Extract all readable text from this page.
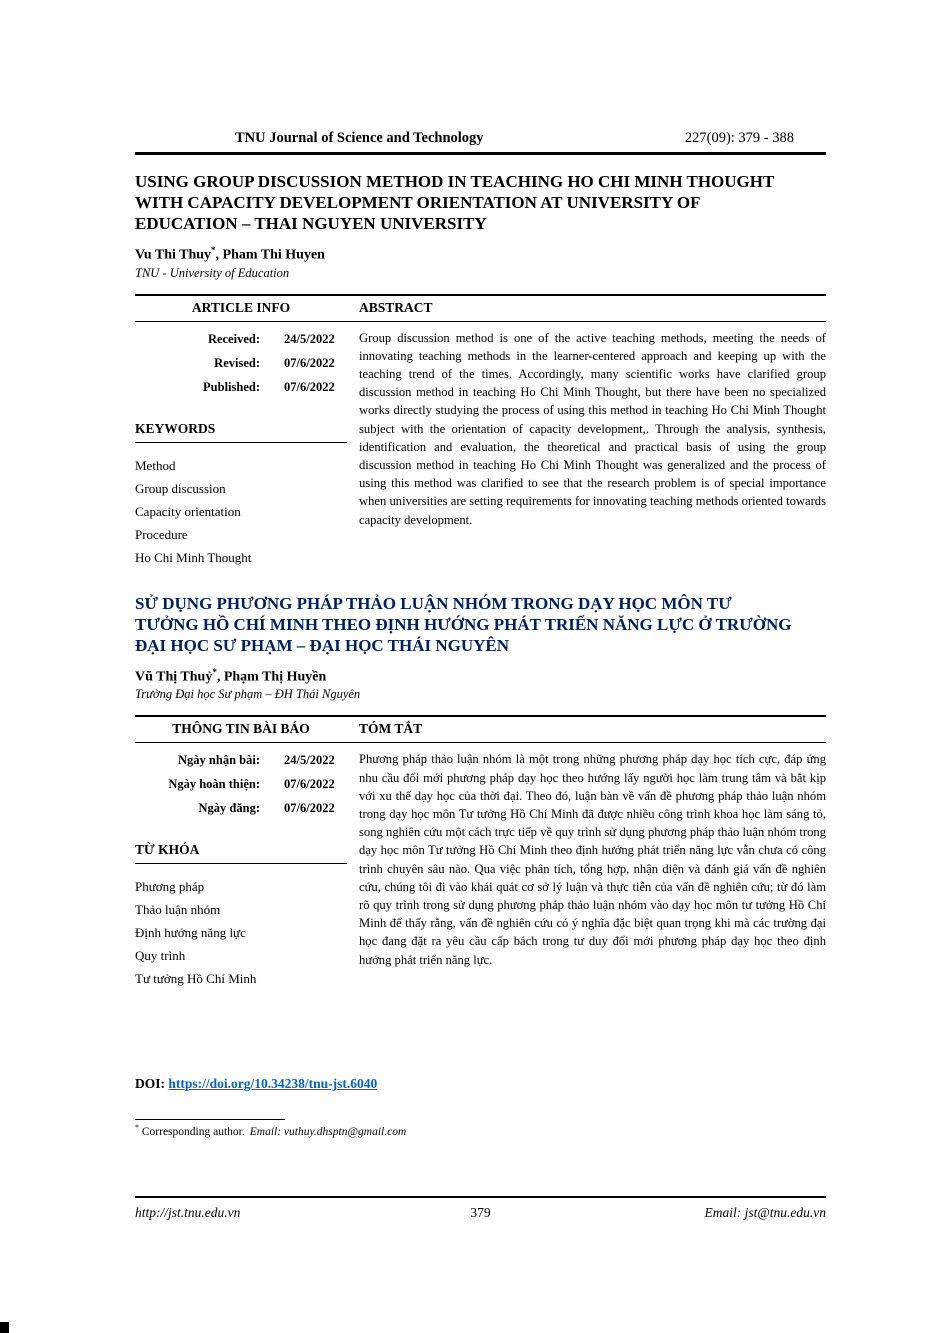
TNU Journal of Science and Technology	227(09): 379 - 388
USING GROUP DISCUSSION METHOD IN TEACHING HO CHI MINH THOUGHT WITH CAPACITY DEVELOPMENT ORIENTATION AT UNIVERSITY OF EDUCATION – THAI NGUYEN UNIVERSITY
Vu Thi Thuy*, Pham Thi Huyen
TNU - University of Education
ARTICLE INFO	ABSTRACT
Received: 24/5/2022
Revised: 07/6/2022
Published: 07/6/2022
KEYWORDS
Method
Group discussion
Capacity orientation
Procedure
Ho Chi Minh Thought

Group discussion method is one of the active teaching methods, meeting the needs of innovating teaching methods in the learner-centered approach and keeping up with the teaching trend of the times. Accordingly, many scientific works have clarified group discussion method in teaching Ho Chi Minh Thought, but there have been no specialized works directly studying the process of using this method in teaching Ho Chi Minh Thought subject with the orientation of capacity development,. Through the analysis, synthesis, identification and evaluation, the theoretical and practical basis of using the group discussion method in teaching Ho Chi Minh Thought was generalized and the process of using this method was clarified to see that the research problem is of special importance when universities are setting requirements for innovating teaching methods oriented towards capacity development.

SỬ DỤNG PHƯƠNG PHÁP THẢO LUẬN NHÓM TRONG DẠY HỌC MÔN TƯ TƯỞNG HỒ CHÍ MINH THEO ĐỊNH HƯỚNG PHÁT TRIỂN NĂNG LỰC Ở TRƯỜNG ĐẠI HỌC SƯ PHẠM – ĐẠI HỌC THÁI NGUYÊN
Vũ Thị Thuỷ*, Phạm Thị Huyền
Trường Đại học Sư phạm – ĐH Thái Nguyên
THÔNG TIN BÀI BÁO	TÓM TẮT
Ngày nhận bài: 24/5/2022
Ngày hoàn thiện: 07/6/2022
Ngày đăng: 07/6/2022
TỪ KHÓA
Phương pháp
Thảo luận nhóm
Định hướng năng lực
Quy trình
Tư tưởng Hồ Chí Minh

Phương pháp thảo luận nhóm là một trong những phương pháp dạy học tích cực, đáp ứng nhu cầu đổi mới phương pháp dạy học theo hướng lấy người học làm trung tâm và bắt kịp với xu thế dạy học của thời đại. Theo đó, luận bàn về vấn đề phương pháp thảo luận nhóm trong dạy học môn Tư tưởng Hồ Chí Minh đã được nhiều công trình khoa học làm sáng tỏ, song nghiên cứu một cách trực tiếp về quy trình sử dụng phương pháp thảo luận nhóm trong dạy học môn Tư tưởng Hồ Chí Minh theo định hướng phát triển năng lực vẫn chưa có công trình chuyên sâu nào. Qua việc phân tích, tổng hợp, nhận diện và đánh giá vấn đề nghiên cứu, chúng tôi đi vào khái quát cơ sở lý luận và thực tiễn của vấn đề nghiên cứu; từ đó làm rõ quy trình trong sử dụng phương pháp thảo luận nhóm vào dạy học môn tư tưởng Hồ Chí Minh để thấy rằng, vấn đề nghiên cứu có ý nghĩa đặc biệt quan trọng khi mà các trường đại học đang đặt ra yêu cầu cấp bách trong tư duy đổi mới phương pháp dạy học theo định hướng phát triển năng lực.

DOI: https://doi.org/10.34238/tnu-jst.6040
* Corresponding author. Email: vuthuy.dhsptn@gmail.com
http://jst.tnu.edu.vn	379	Email: jst@tnu.edu.vn
